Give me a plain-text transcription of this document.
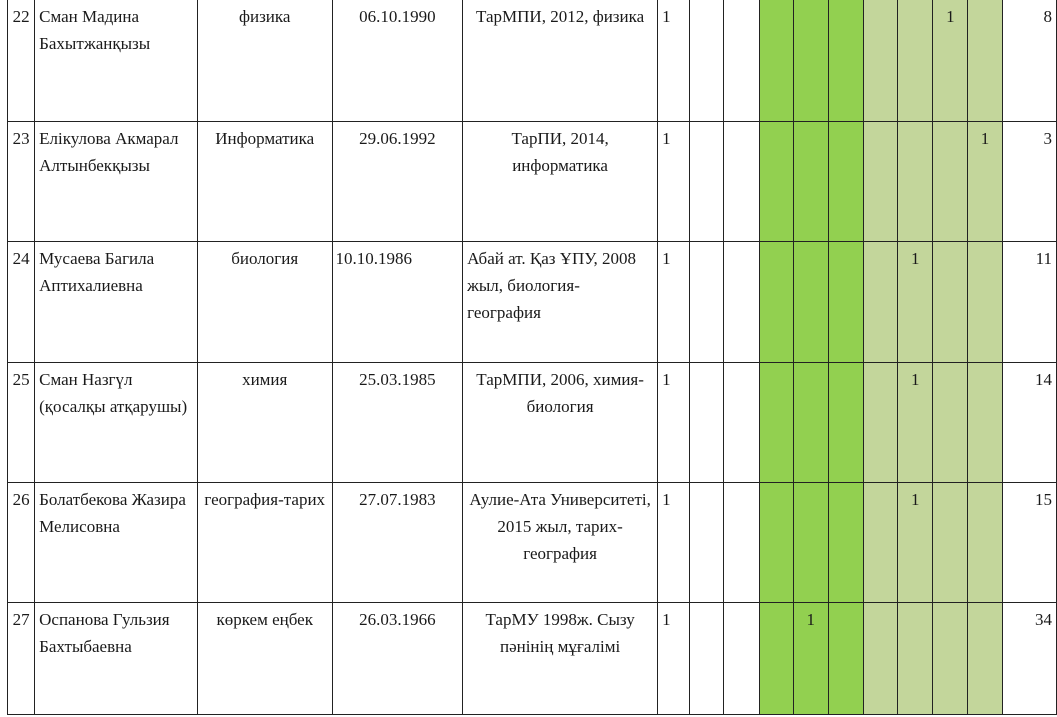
22	Сман Мадина Бахытжанқызы	физика	06.10.1990	ТарМПИ, 2012, физика	1								1		8
23	Елікулова Акмарал Алтынбекқызы	Информатика	29.06.1992	ТарПИ, 2014, информатика	1									1	3
24	Мусаева Багила Аптихалиевна	биология	10.10.1986	Абай ат. Қаз ҰПУ, 2008 жыл, биология-география	1							1			11
25	Сман Назгүл (қосалқы атқарушы)	химия	25.03.1985	ТарМПИ, 2006, химия-биология	1							1			14
26	Болатбекова Жазира Мелисовна	география-тарих	27.07.1983	Аулие-Ата Университеті, 2015 жыл, тарих-география	1							1			15
27	Оспанова Гульзия Бахтыбаевна	көркем еңбек	26.03.1966	ТарМУ 1998ж. Сызу пәнінің мұғалімі	1				1						34
